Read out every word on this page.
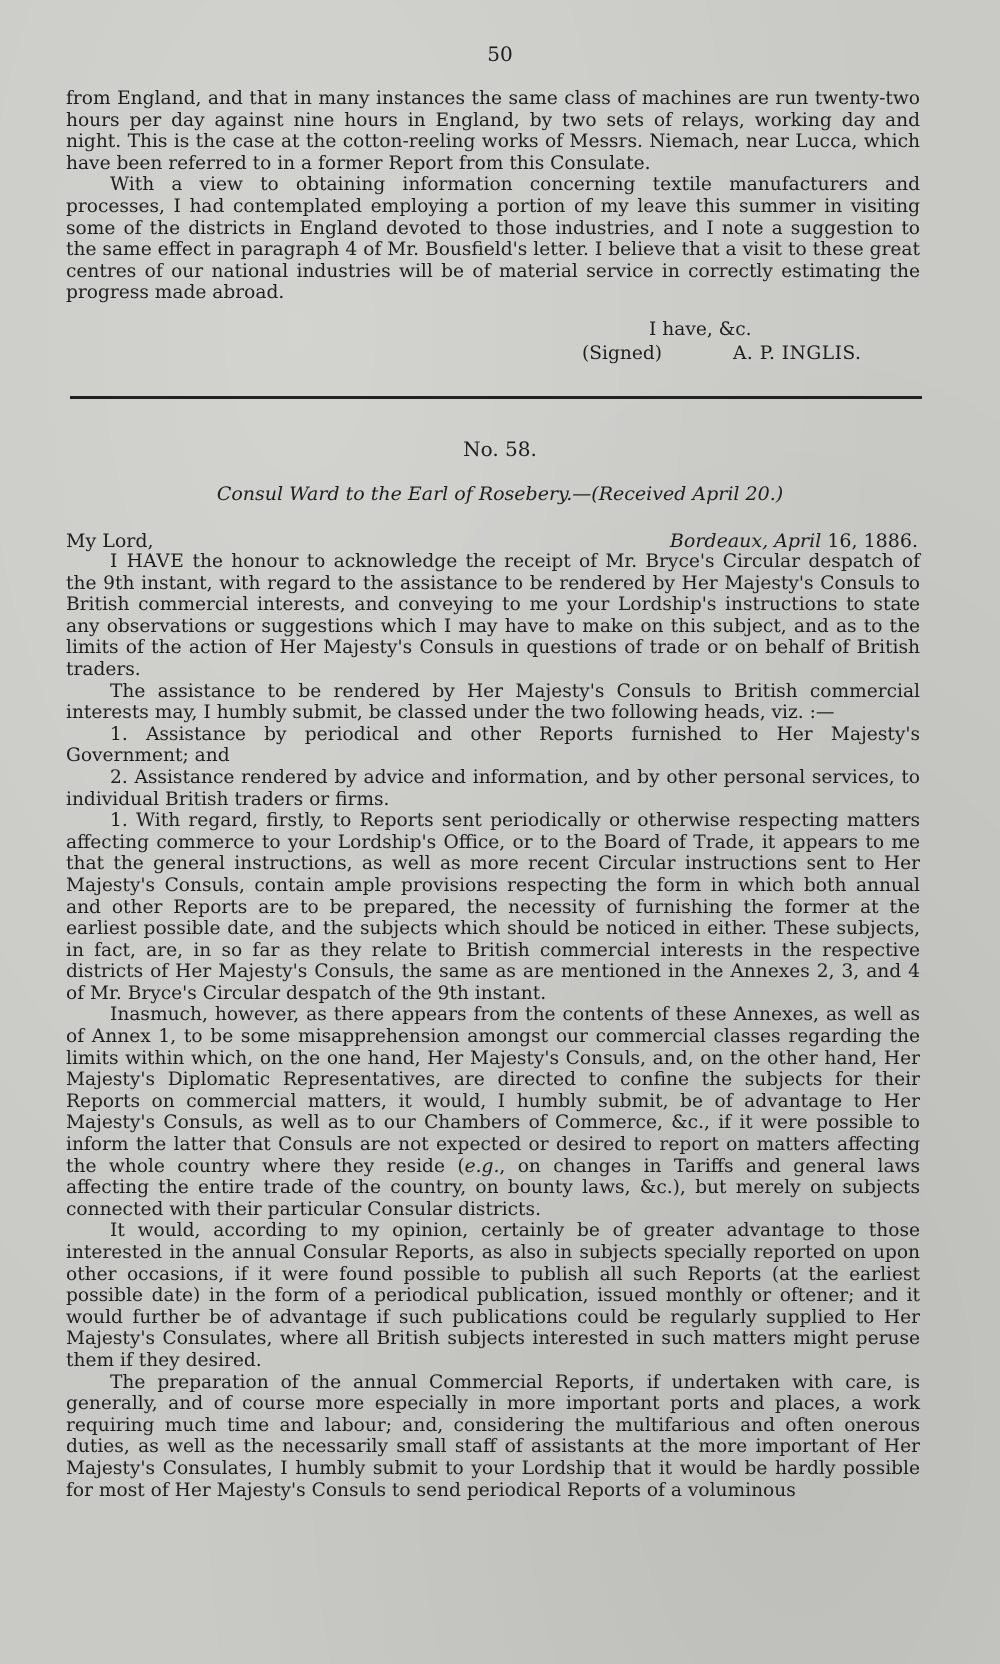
50

from England, and that in many instances the same class of machines are run twenty-two hours per day against nine hours in England, by two sets of relays, working day and night. This is the case at the cotton-reeling works of Messrs. Niemach, near Lucca, which have been referred to in a former Report from this Consulate.

With a view to obtaining information concerning textile manufacturers and processes, I had contemplated employing a portion of my leave this summer in visiting some of the districts in England devoted to those industries, and I note a suggestion to the same effect in paragraph 4 of Mr. Bousfield's letter. I believe that a visit to these great centres of our national industries will be of material service in correctly estimating the progress made abroad.

I have, &c.
(Signed)	A. P. INGLIS.
No. 58.
Consul Ward to the Earl of Rosebery.—(Received April 20.)
My Lord,	Bordeaux, April 16, 1886.

I HAVE the honour to acknowledge the receipt of Mr. Bryce's Circular despatch of the 9th instant, with regard to the assistance to be rendered by Her Majesty's Consuls to British commercial interests, and conveying to me your Lordship's instructions to state any observations or suggestions which I may have to make on this subject, and as to the limits of the action of Her Majesty's Consuls in questions of trade or on behalf of British traders.

The assistance to be rendered by Her Majesty's Consuls to British commercial interests may, I humbly submit, be classed under the two following heads, viz. :—

1. Assistance by periodical and other Reports furnished to Her Majesty's Government; and

2. Assistance rendered by advice and information, and by other personal services, to individual British traders or firms.

1. With regard, firstly, to Reports sent periodically or otherwise respecting matters affecting commerce to your Lordship's Office, or to the Board of Trade, it appears to me that the general instructions, as well as more recent Circular instructions sent to Her Majesty's Consuls, contain ample provisions respecting the form in which both annual and other Reports are to be prepared, the necessity of furnishing the former at the earliest possible date, and the subjects which should be noticed in either. These subjects, in fact, are, in so far as they relate to British commercial interests in the respective districts of Her Majesty's Consuls, the same as are mentioned in the Annexes 2, 3, and 4 of Mr. Bryce's Circular despatch of the 9th instant.

Inasmuch, however, as there appears from the contents of these Annexes, as well as of Annex 1, to be some misapprehension amongst our commercial classes regarding the limits within which, on the one hand, Her Majesty's Consuls, and, on the other hand, Her Majesty's Diplomatic Representatives, are directed to confine the subjects for their Reports on commercial matters, it would, I humbly submit, be of advantage to Her Majesty's Consuls, as well as to our Chambers of Commerce, &c., if it were possible to inform the latter that Consuls are not expected or desired to report on matters affecting the whole country where they reside (e.g., on changes in Tariffs and general laws affecting the entire trade of the country, on bounty laws, &c.), but merely on subjects connected with their particular Consular districts.

It would, according to my opinion, certainly be of greater advantage to those interested in the annual Consular Reports, as also in subjects specially reported on upon other occasions, if it were found possible to publish all such Reports (at the earliest possible date) in the form of a periodical publication, issued monthly or oftener; and it would further be of advantage if such publications could be regularly supplied to Her Majesty's Consulates, where all British subjects interested in such matters might peruse them if they desired.

The preparation of the annual Commercial Reports, if undertaken with care, is generally, and of course more especially in more important ports and places, a work requiring much time and labour; and, considering the multifarious and often onerous duties, as well as the necessarily small staff of assistants at the more important of Her Majesty's Consulates, I humbly submit to your Lordship that it would be hardly possible for most of Her Majesty's Consuls to send periodical Reports of a voluminous
